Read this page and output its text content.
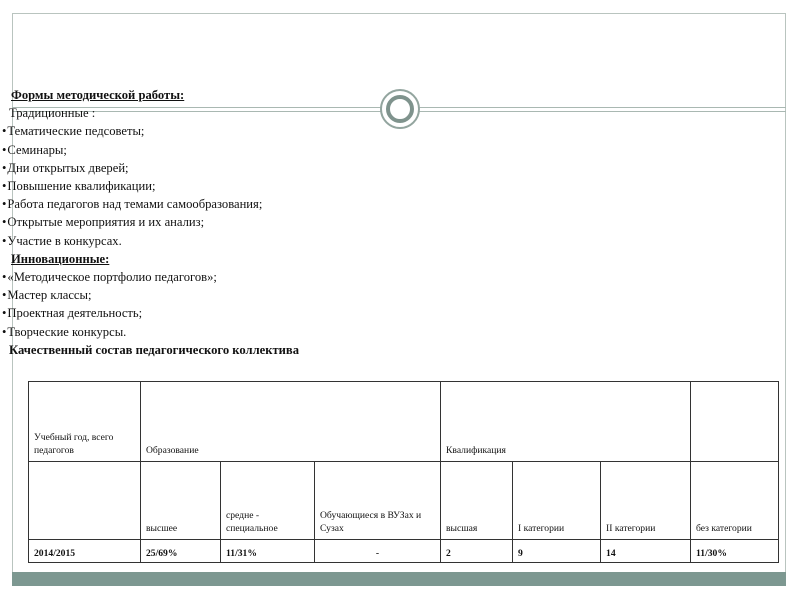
Формы методической работы:
Традиционные :
• Тематические педсоветы;
• Семинары;
• Дни открытых дверей;
• Повышение квалификации;
• Работа педагогов над темами самообразования;
• Открытые мероприятия и их анализ;
• Участие в конкурсах.
Инновационные:
• «Методическое портфолио педагогов»;
• Мастер классы;
• Проектная деятельность;
• Творческие конкурсы.
Качественный состав педагогического коллектива
Учебный год, всего педагогов	Образование			Квалификация			
	высшее	средне - специальное	Обучающиеся в ВУЗах и Сузах	высшая	I категории	II категории	без категории
2014/2015	25/69%	11/31%	-	2	9	14	11/30%
